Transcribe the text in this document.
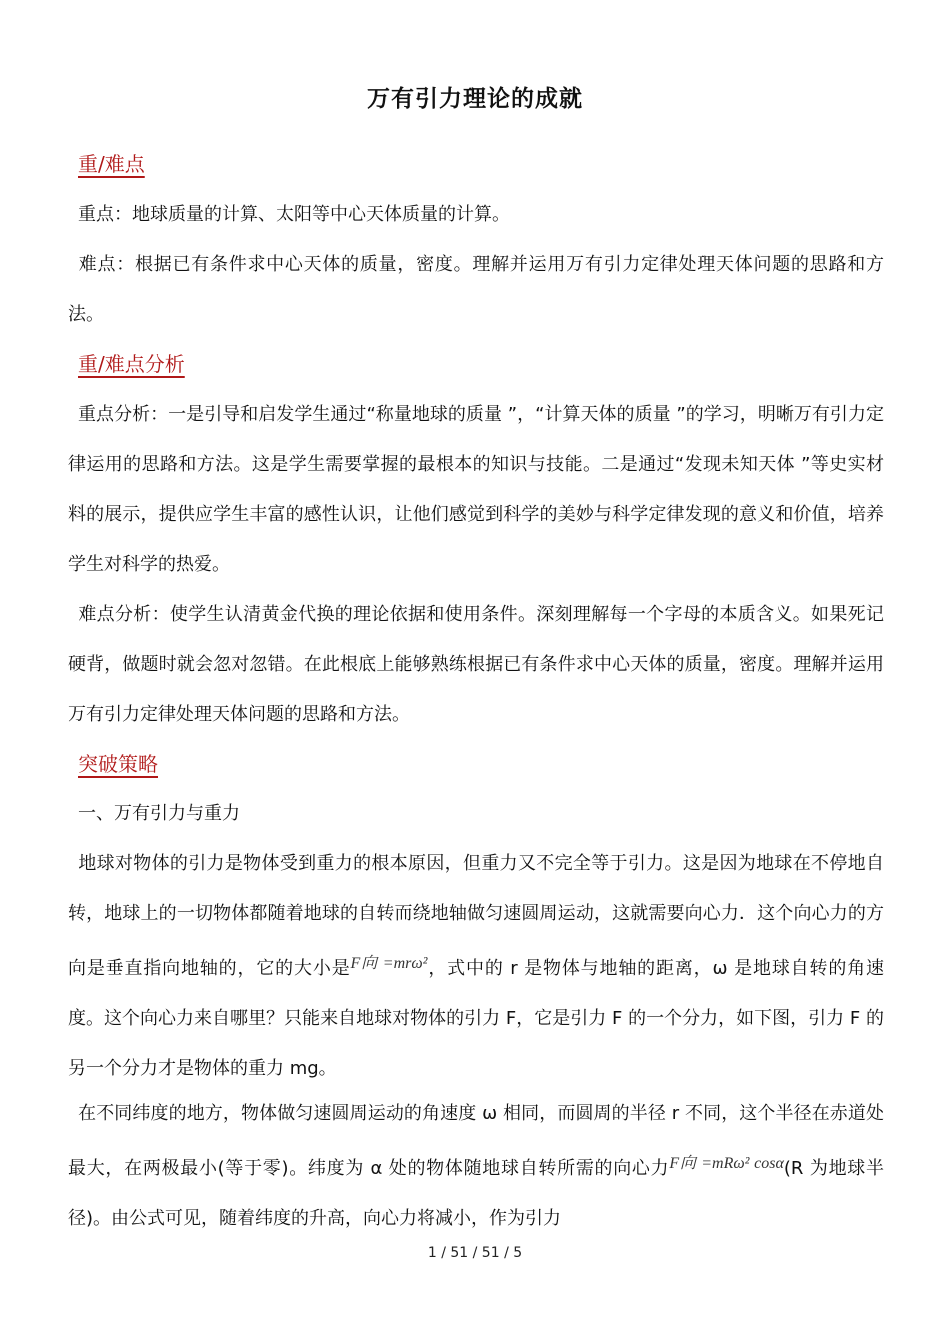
万有引力理论的成就
重/难点
重点：地球质量的计算、太阳等中心天体质量的计算。
难点：根据已有条件求中心天体的质量，密度。理解并运用万有引力定律处理天体问题的思路和方法。
重/难点分析
重点分析：一是引导和启发学生通过“称量地球的质量 ”，“计算天体的质量 ”的学习，明晰万有引力定律运用的思路和方法。这是学生需要掌握的最根本的知识与技能。二是通过“发现未知天体 ”等史实材料的展示，提供应学生丰富的感性认识，让他们感觉到科学的美妙与科学定律发现的意义和价值，培养学生对科学的热爱。
难点分析：使学生认清黄金代换的理论依据和使用条件。深刻理解每一个字母的本质含义。如果死记硬背，做题时就会忽对忽错。在此根底上能够熟练根据已有条件求中心天体的质量，密度。理解并运用万有引力定律处理天体问题的思路和方法。
突破策略
一、万有引力与重力
地球对物体的引力是物体受到重力的根本原因，但重力又不完全等于引力。这是因为地球在不停地自转，地球上的一切物体都随着地球的自转而绕地轴做匀速圆周运动，这就需要向心力．这个向心力的方向是垂直指向地轴的，它的大小是F向 =mrω²，式中的 r 是物体与地轴的距离，ω 是地球自转的角速度。这个向心力来自哪里？只能来自地球对物体的引力 F，它是引力 F 的一个分力，如下图，引力 F 的另一个分力才是物体的重力 mg。
在不同纬度的地方，物体做匀速圆周运动的角速度 ω 相同，而圆周的半径 r 不同，这个半径在赤道处最大，在两极最小(等于零)。纬度为 α 处的物体随地球自转所需的向心力F向 =mRω² cosα(R 为地球半径)。由公式可见，随着纬度的升高，向心力将减小，作为引力
1 / 51 / 51 / 5
